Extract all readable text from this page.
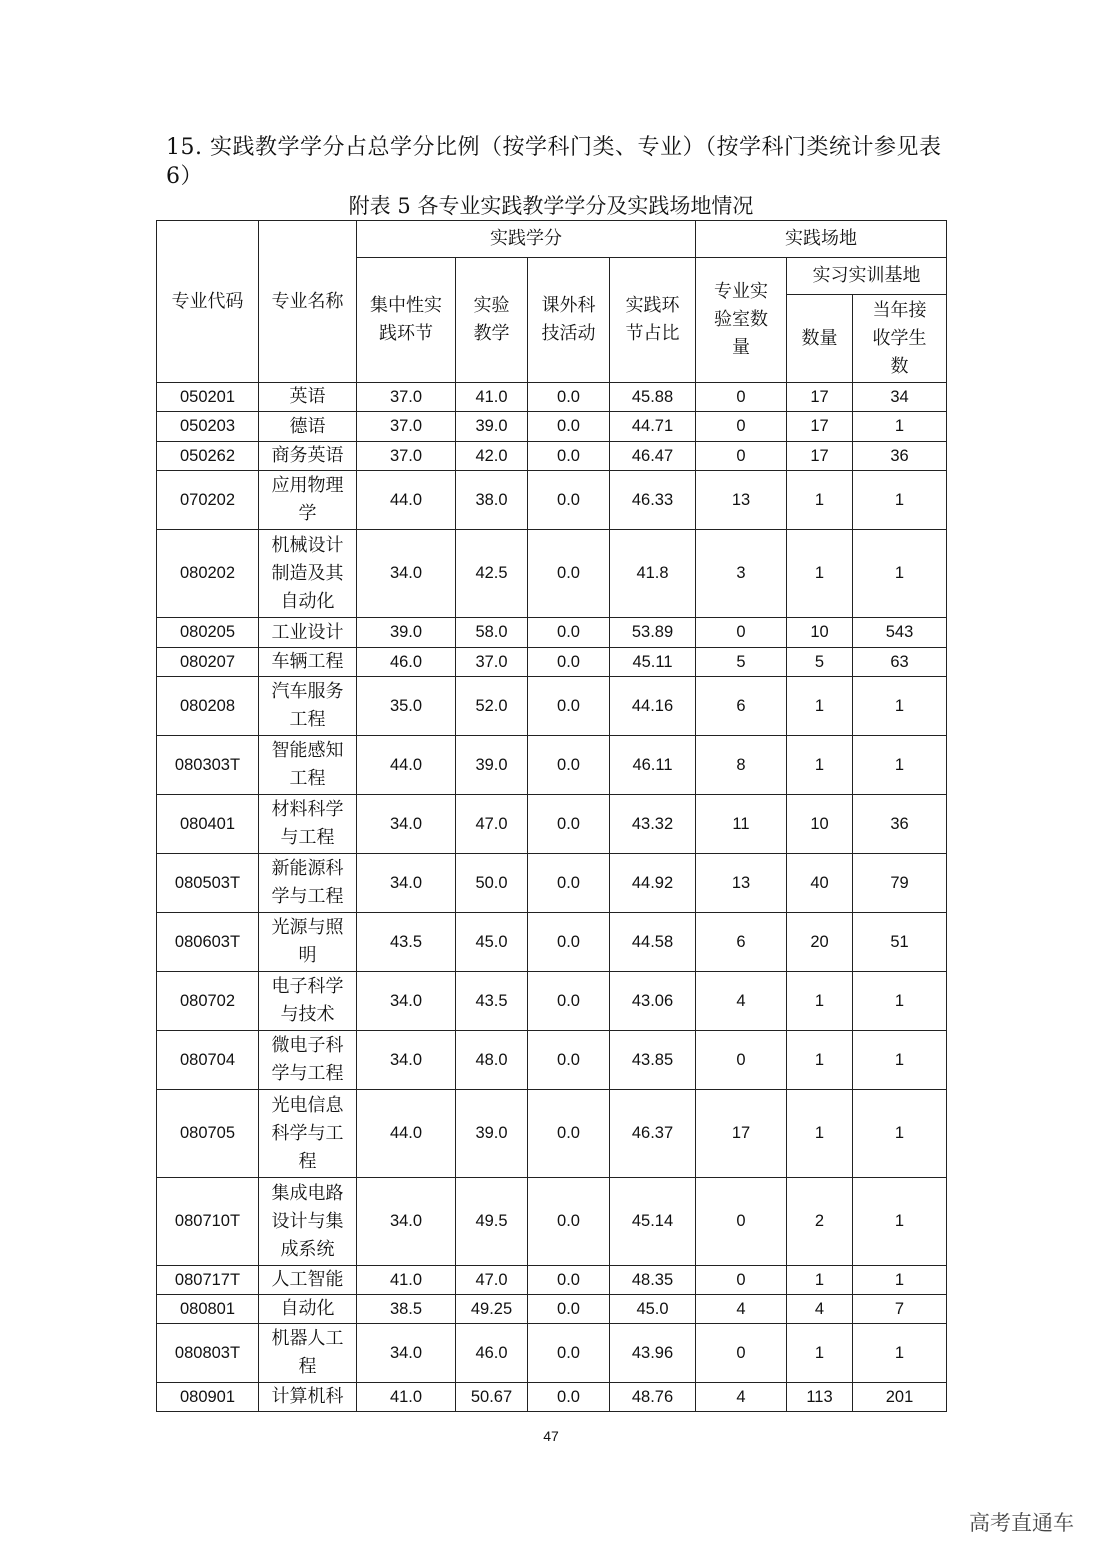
15. 实践教学学分占总学分比例（按学科门类、专业）（按学科门类统计参见表6）
附表 5 各专业实践教学学分及实践场地情况
专业代码	专业名称	实践学分				实践场地		
		集中性实践环节	实验教学	课外科技活动	实践环节占比	专业实验室数量	实习实训基地	
							数量	当年接收学生数
050201	英语	37.0	41.0	0.0	45.88	0	17	34
050203	德语	37.0	39.0	0.0	44.71	0	17	1
050262	商务英语	37.0	42.0	0.0	46.47	0	17	36
070202	应用物理学	44.0	38.0	0.0	46.33	13	1	1
080202	机械设计制造及其自动化	34.0	42.5	0.0	41.8	3	1	1
080205	工业设计	39.0	58.0	0.0	53.89	0	10	543
080207	车辆工程	46.0	37.0	0.0	45.11	5	5	63
080208	汽车服务工程	35.0	52.0	0.0	44.16	6	1	1
080303T	智能感知工程	44.0	39.0	0.0	46.11	8	1	1
080401	材料科学与工程	34.0	47.0	0.0	43.32	11	10	36
080503T	新能源科学与工程	34.0	50.0	0.0	44.92	13	40	79
080603T	光源与照明	43.5	45.0	0.0	44.58	6	20	51
080702	电子科学与技术	34.0	43.5	0.0	43.06	4	1	1
080704	微电子科学与工程	34.0	48.0	0.0	43.85	0	1	1
080705	光电信息科学与工程	44.0	39.0	0.0	46.37	17	1	1
080710T	集成电路设计与集成系统	34.0	49.5	0.0	45.14	0	2	1
080717T	人工智能	41.0	47.0	0.0	48.35	0	1	1
080801	自动化	38.5	49.25	0.0	45.0	4	4	7
080803T	机器人工程	34.0	46.0	0.0	43.96	0	1	1
080901	计算机科	41.0	50.67	0.0	48.76	4	113	201
47
高考直通车
